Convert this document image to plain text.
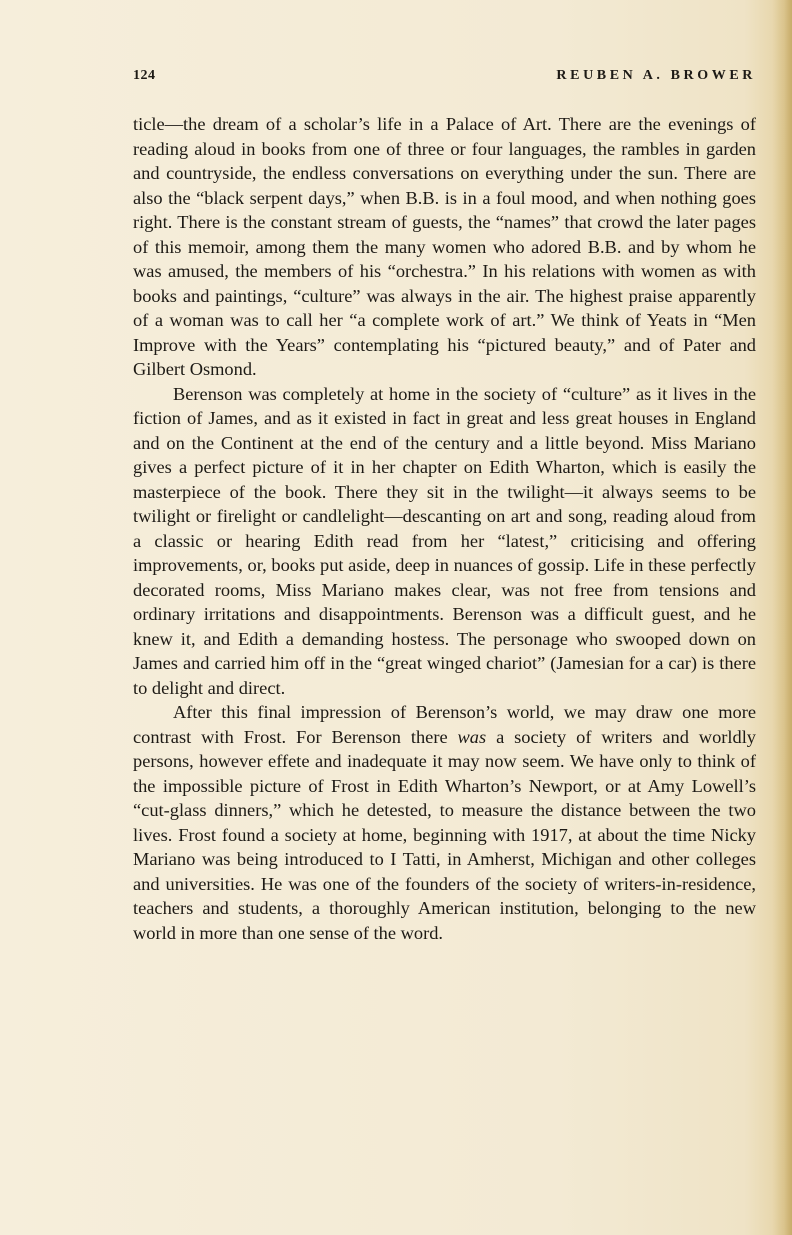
124	REUBEN A. BROWER

ticle—the dream of a scholar’s life in a Palace of Art. There are the evenings of reading aloud in books from one of three or four languages, the rambles in garden and countryside, the endless conversations on everything under the sun. There are also the “black serpent days,” when B.B. is in a foul mood, and when nothing goes right. There is the constant stream of guests, the “names” that crowd the later pages of this memoir, among them the many women who adored B.B. and by whom he was amused, the members of his “orchestra.” In his relations with women as with books and paintings, “culture” was always in the air. The highest praise apparently of a woman was to call her “a complete work of art.” We think of Yeats in “Men Improve with the Years” contemplating his “pictured beauty,” and of Pater and Gilbert Osmond.

Berenson was completely at home in the society of “culture” as it lives in the fiction of James, and as it existed in fact in great and less great houses in England and on the Continent at the end of the century and a little beyond. Miss Mariano gives a perfect picture of it in her chapter on Edith Wharton, which is easily the masterpiece of the book. There they sit in the twilight—it always seems to be twilight or firelight or candlelight—descanting on art and song, reading aloud from a classic or hearing Edith read from her “latest,” criticising and offering improvements, or, books put aside, deep in nuances of gossip. Life in these perfectly decorated rooms, Miss Mariano makes clear, was not free from tensions and ordinary irritations and disappointments. Berenson was a difficult guest, and he knew it, and Edith a demanding hostess. The personage who swooped down on James and carried him off in the “great winged chariot” (Jamesian for a car) is there to delight and direct.

After this final impression of Berenson’s world, we may draw one more contrast with Frost. For Berenson there was a society of writers and worldly persons, however effete and inadequate it may now seem. We have only to think of the impossible picture of Frost in Edith Wharton’s Newport, or at Amy Lowell’s “cut-glass dinners,” which he detested, to measure the distance between the two lives. Frost found a society at home, beginning with 1917, at about the time Nicky Mariano was being introduced to I Tatti, in Amherst, Michigan and other colleges and universities. He was one of the founders of the society of writers-in-residence, teachers and students, a thoroughly American institution, belonging to the new world in more than one sense of the word.
